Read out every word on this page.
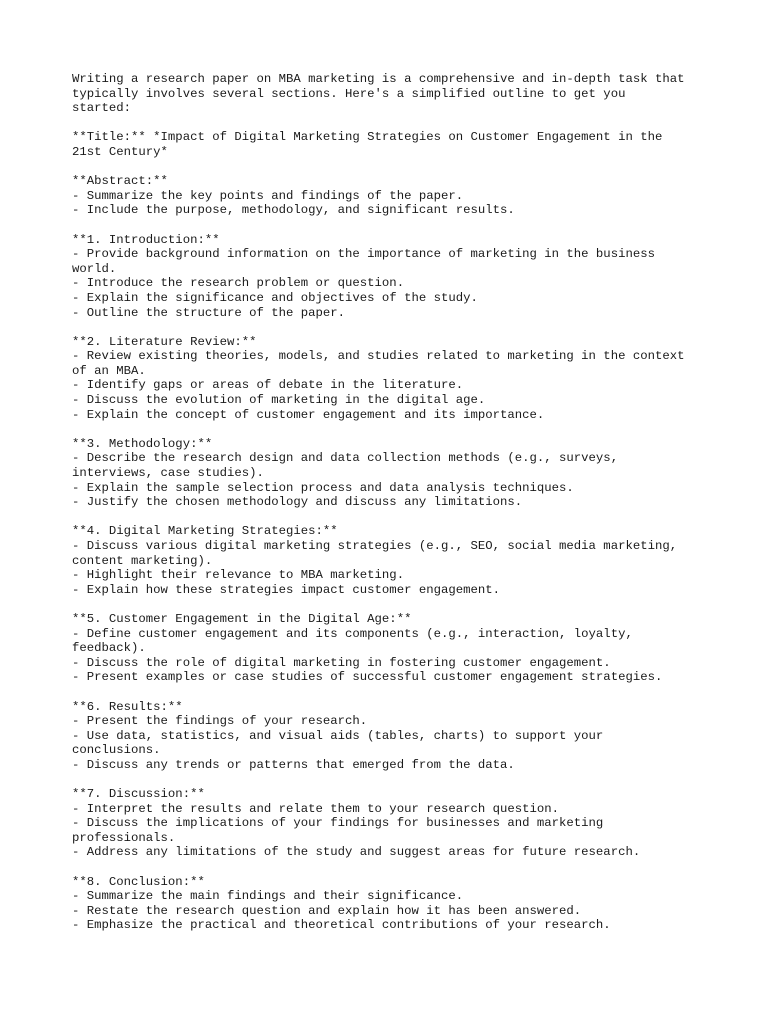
Writing a research paper on MBA marketing is a comprehensive and in-depth task that
typically involves several sections. Here's a simplified outline to get you
started:
**Title:** *Impact of Digital Marketing Strategies on Customer Engagement in the
21st Century*
**Abstract:**
- Summarize the key points and findings of the paper.
- Include the purpose, methodology, and significant results.
**1. Introduction:**
- Provide background information on the importance of marketing in the business
world.
- Introduce the research problem or question.
- Explain the significance and objectives of the study.
- Outline the structure of the paper.
**2. Literature Review:**
- Review existing theories, models, and studies related to marketing in the context
of an MBA.
- Identify gaps or areas of debate in the literature.
- Discuss the evolution of marketing in the digital age.
- Explain the concept of customer engagement and its importance.
**3. Methodology:**
- Describe the research design and data collection methods (e.g., surveys,
interviews, case studies).
- Explain the sample selection process and data analysis techniques.
- Justify the chosen methodology and discuss any limitations.
**4. Digital Marketing Strategies:**
- Discuss various digital marketing strategies (e.g., SEO, social media marketing,
content marketing).
- Highlight their relevance to MBA marketing.
- Explain how these strategies impact customer engagement.
**5. Customer Engagement in the Digital Age:**
- Define customer engagement and its components (e.g., interaction, loyalty,
feedback).
- Discuss the role of digital marketing in fostering customer engagement.
- Present examples or case studies of successful customer engagement strategies.
**6. Results:**
- Present the findings of your research.
- Use data, statistics, and visual aids (tables, charts) to support your
conclusions.
- Discuss any trends or patterns that emerged from the data.
**7. Discussion:**
- Interpret the results and relate them to your research question.
- Discuss the implications of your findings for businesses and marketing
professionals.
- Address any limitations of the study and suggest areas for future research.
**8. Conclusion:**
- Summarize the main findings and their significance.
- Restate the research question and explain how it has been answered.
- Emphasize the practical and theoretical contributions of your research.
